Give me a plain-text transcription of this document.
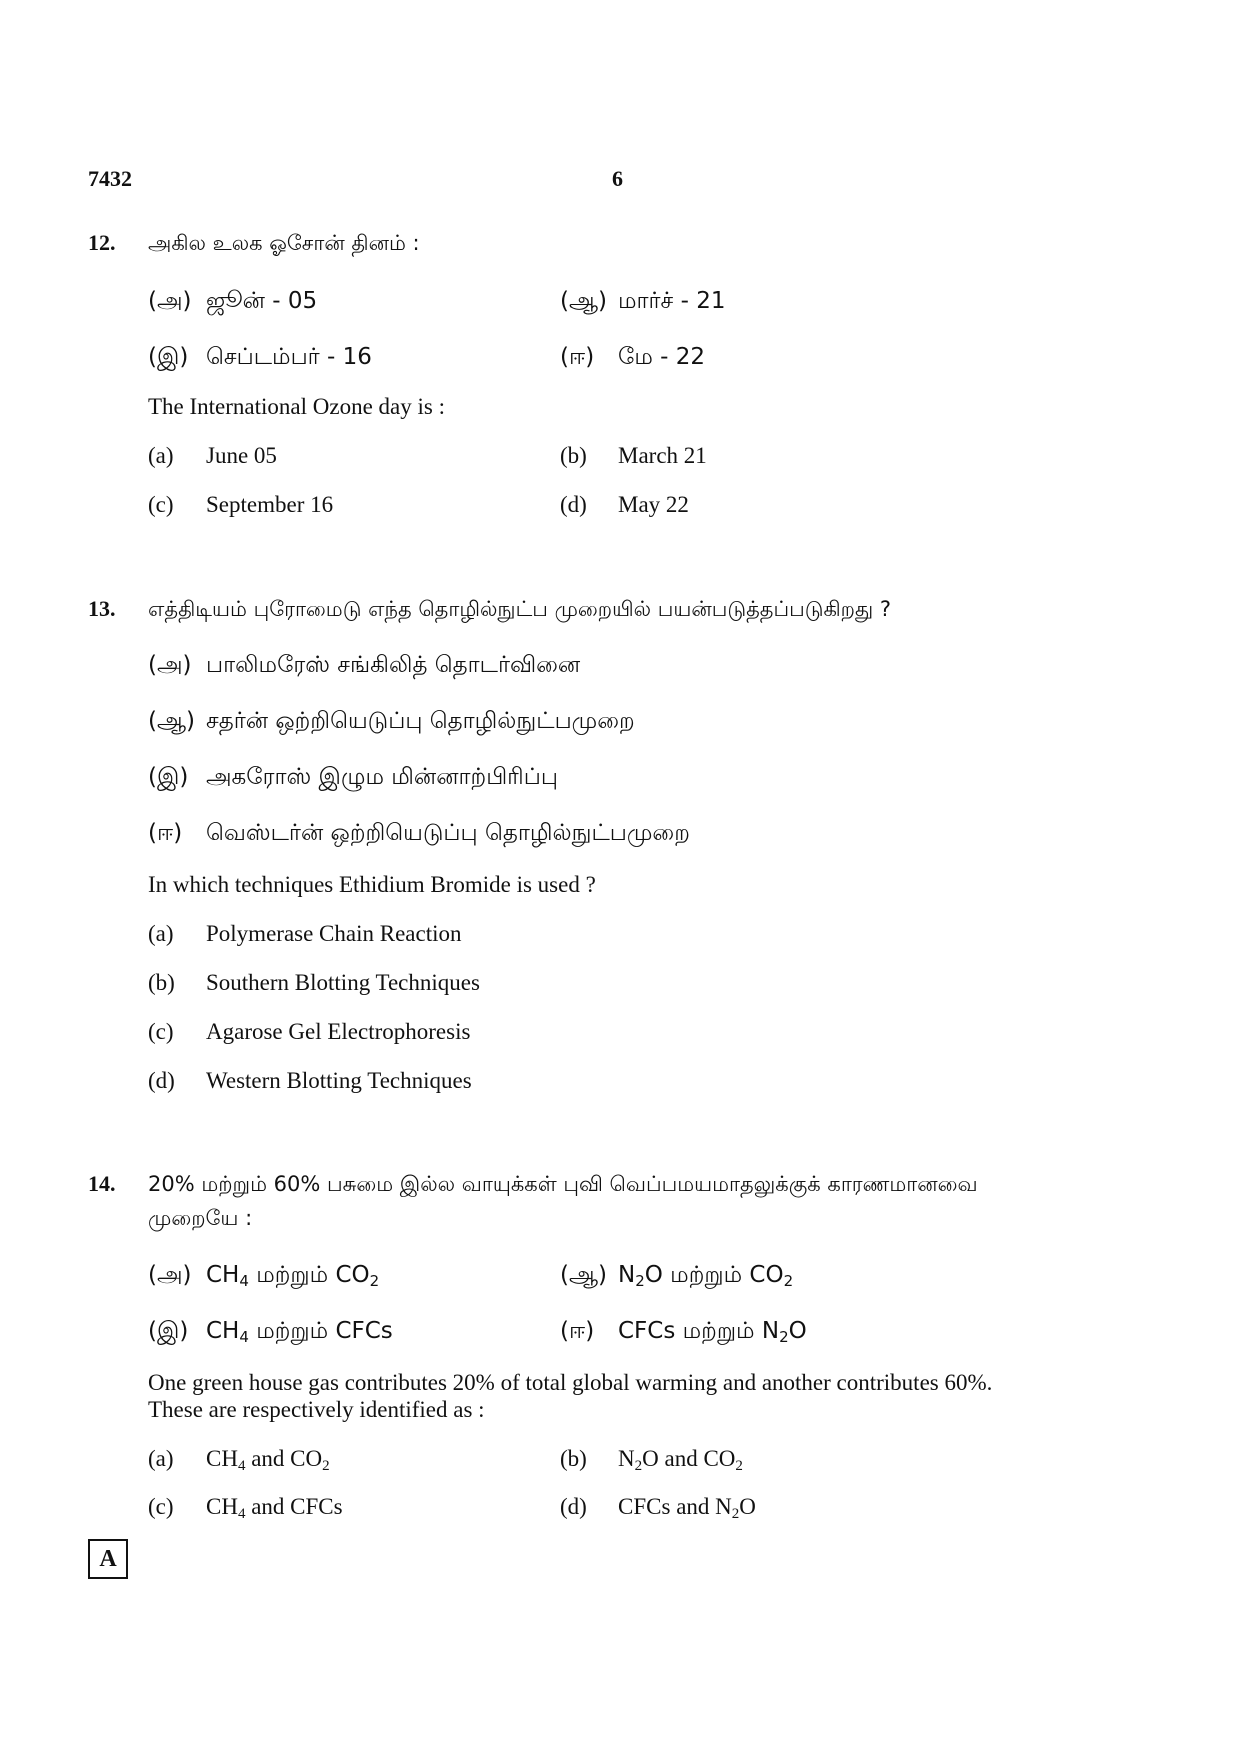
7432	6
12. அகில உலக ஓசோன் தினம் :
(அ) ஜூன் - 05	(ஆ) மார்ச் - 21
(இ) செப்டம்பர் - 16	(ஈ) மே - 22
The International Ozone day is :
(a) June 05	(b) March 21
(c) September 16	(d) May 22
13. எத்திடியம் புரோமைடு எந்த தொழில்நுட்ப முறையில் பயன்படுத்தப்படுகிறது ?
(அ) பாலிமரேஸ் சங்கிலித் தொடர்வினை
(ஆ) சதர்ன் ஒற்றியெடுப்பு தொழில்நுட்பமுறை
(இ) அகரோஸ் இழும மின்னாற்பிரிப்பு
(ஈ) வெஸ்டர்ன் ஒற்றியெடுப்பு தொழில்நுட்பமுறை
In which techniques Ethidium Bromide is used ?
(a) Polymerase Chain Reaction
(b) Southern Blotting Techniques
(c) Agarose Gel Electrophoresis
(d) Western Blotting Techniques
14. 20% மற்றும் 60% பசுமை இல்ல வாயுக்கள் புவி வெப்பமயமாதலுக்குக் காரணமானவை
முறையே :
(அ) $CH_4$ மற்றும் $CO_2$	(ஆ) $N_2O$ மற்றும் $CO_2$
(இ) $CH_4$ மற்றும் CFCs	(ஈ) CFCs மற்றும் $N_2O$
One green house gas contributes 20% of total global warming and another contributes 60%.
These are respectively identified as :
(a) $CH_4$ and $CO_2$	(b) $N_2O$ and $CO_2$
(c) $CH_4$ and CFCs	(d) CFCs and $N_2O$
A
